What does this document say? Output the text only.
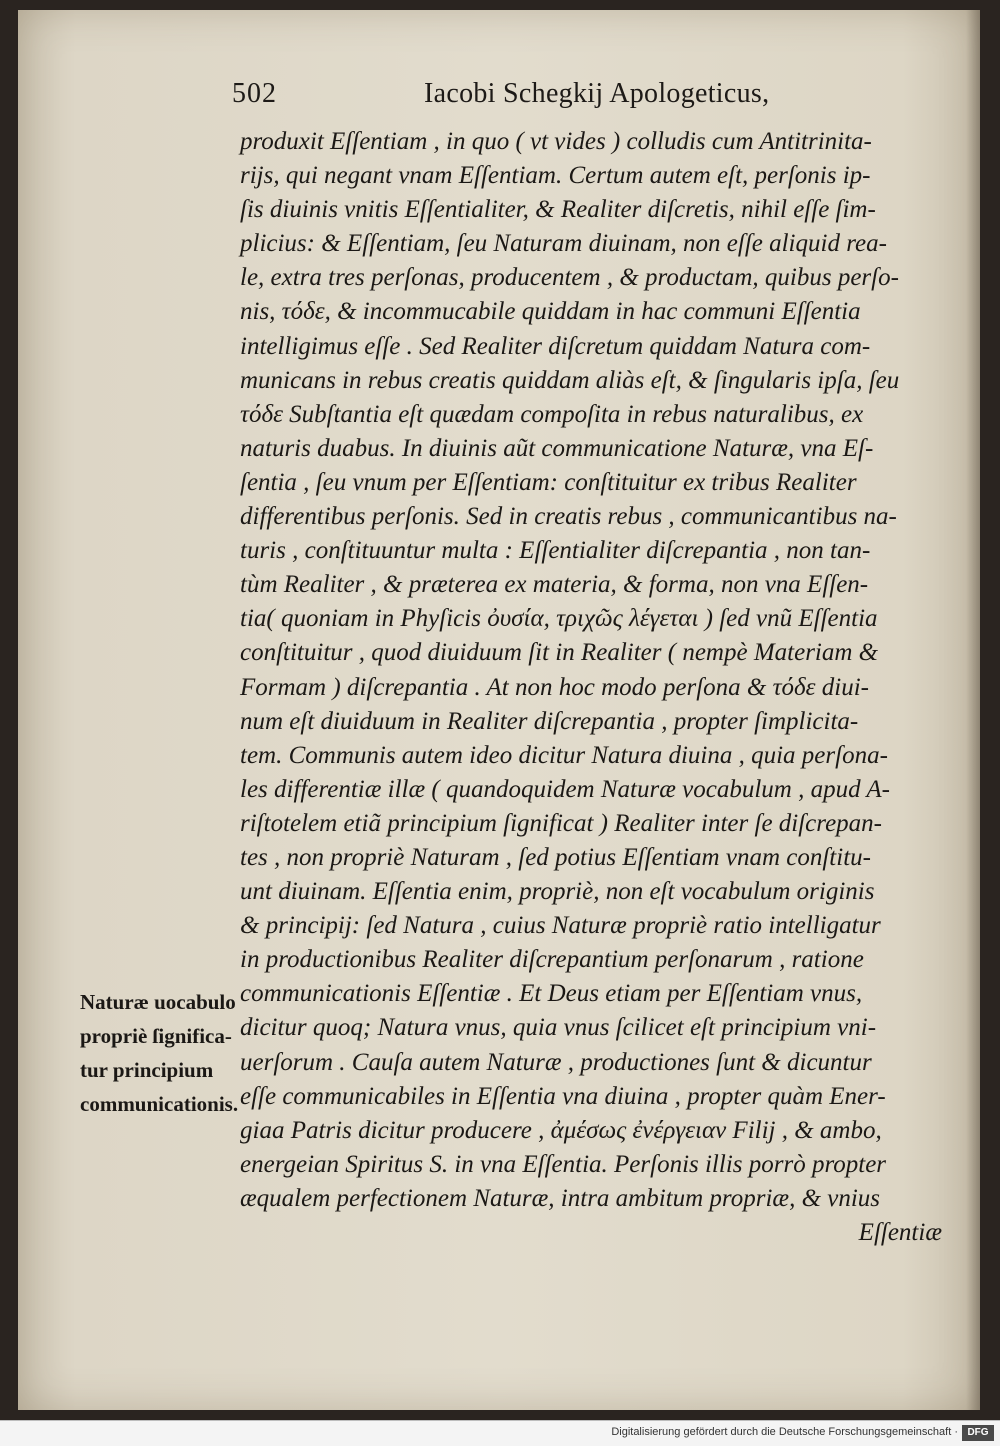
502	Iacobi Schegkij Apologeticus,
produxit Eſſentiam , in quo ( vt vides ) colludis cum Antitrinita-
rijs, qui negant vnam Eſſentiam. Certum autem eſt, perſonis ip-
ſis diuinis vnitis Eſſentialiter, & Realiter diſcretis, nihil eſſe ſim-
plicius: & Eſſentiam, ſeu Naturam diuinam, non eſſe aliquid rea-
le, extra tres perſonas, producentem , & productam, quibus perſo-
nis, τόδε, & incommucabile quiddam in hac communi Eſſentia
intelligimus eſſe . Sed Realiter diſcretum quiddam Natura com-
municans in rebus creatis quiddam aliàs eſt, & ſingularis ipſa, ſeu
τόδε Subſtantia eſt quædam compoſita in rebus naturalibus, ex
naturis duabus. In diuinis aũt communicatione Naturæ, vna Eſ-
ſentia , ſeu vnum per Eſſentiam: conſtituitur ex tribus Realiter
differentibus perſonis. Sed in creatis rebus , communicantibus na-
turis , conſtituuntur multa : Eſſentialiter diſcrepantia , non tan-
tùm Realiter , & præterea ex materia, & forma, non vna Eſſen-
tia( quoniam in Phyſicis ὀυσία, τριχῶς λέγεται ) ſed vnũ Eſſentia
conſtituitur , quod diuiduum ſit in Realiter ( nempè Materiam &
Formam ) diſcrepantia . At non hoc modo perſona & τόδε diui-
num eſt diuiduum in Realiter diſcrepantia , propter ſimplicita-
tem. Communis autem ideo dicitur Natura diuina , quia perſona-
les differentiæ illæ ( quandoquidem Naturæ vocabulum , apud A-
riſtotelem etiã principium ſignificat ) Realiter inter ſe diſcrepan-
tes , non propriè Naturam , ſed potius Eſſentiam vnam conſtitu-
unt diuinam. Eſſentia enim, propriè, non eſt vocabulum originis
& principij: ſed Natura , cuius Naturæ propriè ratio intelligatur
in productionibus Realiter diſcrepantium perſonarum , ratione
communicationis Eſſentiæ . Et Deus etiam per Eſſentiam vnus,
dicitur quoq; Natura vnus, quia vnus ſcilicet eſt principium vni-
uerſorum . Cauſa autem Naturæ , productiones ſunt & dicuntur
eſſe communicabiles in Eſſentia vna diuina , propter quàm Ener-
giaa Patris dicitur producere , ἀμέσως ἐνέργειαν Filij , & ambo,
energeian Spiritus S. in vna Eſſentia. Perſonis illis porrò propter
æqualem perfectionem Naturæ, intra ambitum propriæ, & vnius
Eſſentiæ
Naturæ uocabulo
propriè ſignifica-
tur principium
communicationis.
Digitalisierung gefördert durch die Deutsche Forschungsgemeinschaft · DFG
